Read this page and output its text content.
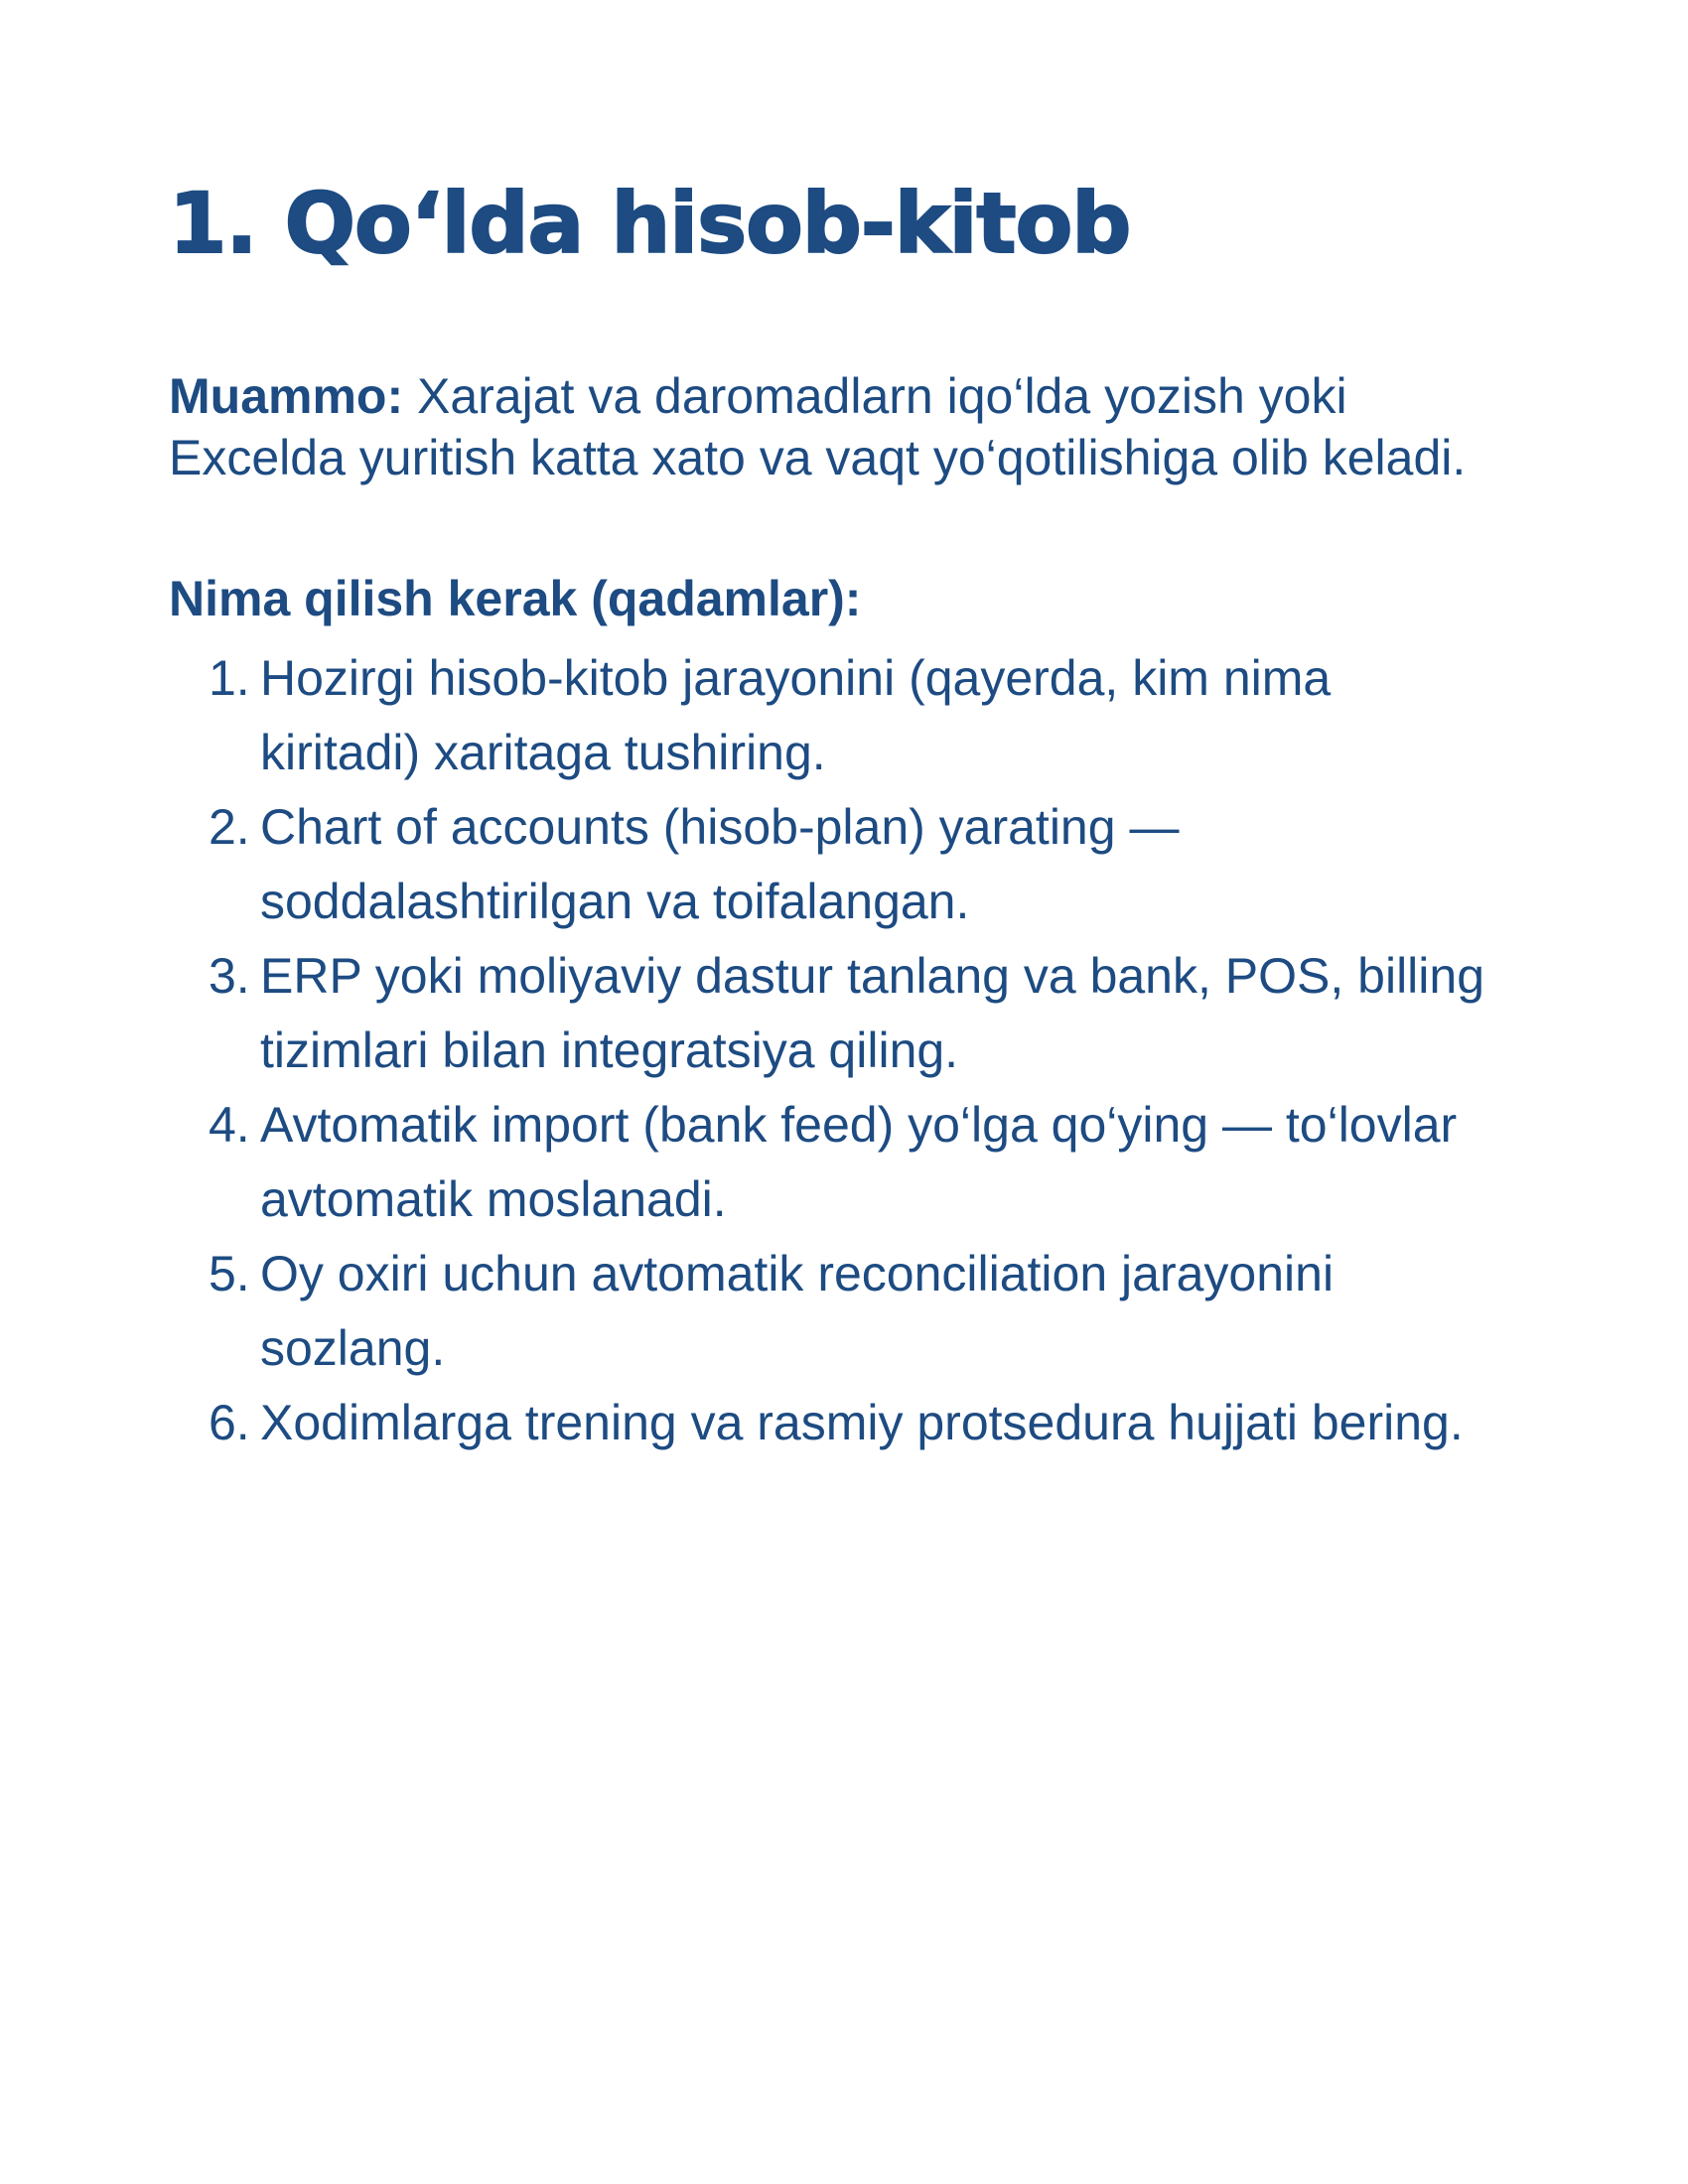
1. Qo‘lda hisob-kitob

Muammo: Xarajat va daromadlarn iqo‘lda yozish yoki Excelda yuritish katta xato va vaqt yo‘qotilishiga olib keladi.

Nima qilish kerak (qadamlar):

1. Hozirgi hisob-kitob jarayonini (qayerda, kim nima kiritadi) xaritaga tushiring.
2. Chart of accounts (hisob-plan) yarating — soddalashtirilgan va toifalangan.
3. ERP yoki moliyaviy dastur tanlang va bank, POS, billing tizimlari bilan integratsiya qiling.
4. Avtomatik import (bank feed) yo‘lga qo‘ying — to‘lovlar avtomatik moslanadi.
5. Oy oxiri uchun avtomatik reconciliation jarayonini sozlang.
6. Xodimlarga trening va rasmiy protsedura hujjati bering.
